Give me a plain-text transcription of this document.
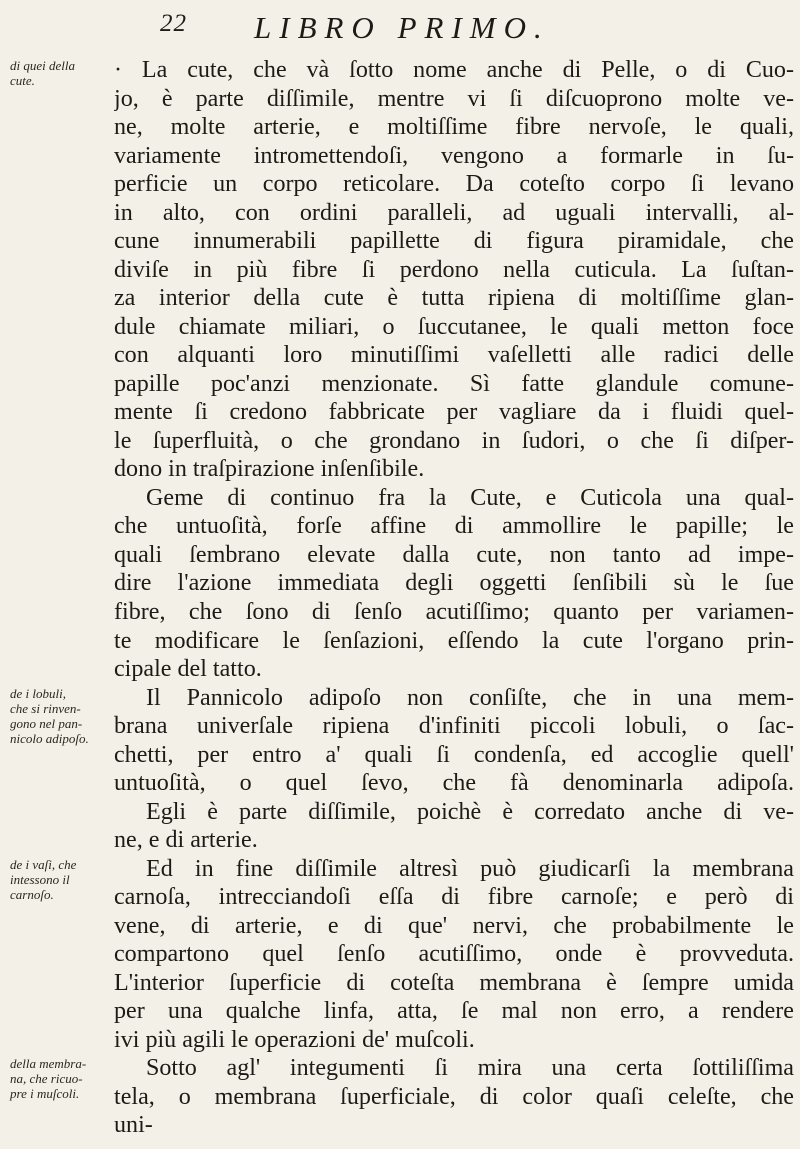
22 LIBRO PRIMO.
di quei della
cute.
de i lobuli,
che si rinven-
gono nel pan-
nicolo adipoſo.
de i vaſi, che
intessono il
carnoſo.
della membra-
na, che ricuo-
pre i muſcoli.
· La cute, che và ſotto nome anche di Pelle, o di Cuo-
jo, è parte diſſimile, mentre vi ſi diſcuoprono molte ve-
ne, molte arterie, e moltiſſime fibre nervoſe, le quali,
variamente intromettendoſi, vengono a formarle in ſu-
perficie un corpo reticolare. Da coteſto corpo ſi levano
in alto, con ordini paralleli, ad uguali intervalli, al-
cune innumerabili papillette di figura piramidale, che
diviſe in più fibre ſi perdono nella cuticula. La ſuſtan-
za interior della cute è tutta ripiena di moltiſſime glan-
dule chiamate miliari, o ſuccutanee, le quali metton foce
con alquanti loro minutiſſimi vaſelletti alle radici delle
papille poc'anzi menzionate. Sì fatte glandule comune-
mente ſi credono fabbricate per vagliare da i fluidi quel-
le ſuperfluità, o che grondano in ſudori, o che ſi diſper-
dono in traſpirazione inſenſibile.
Geme di continuo fra la Cute, e Cuticola una qual-
che untuoſità, forſe affine di ammollire le papille; le
quali ſembrano elevate dalla cute, non tanto ad impe-
dire l'azione immediata degli oggetti ſenſibili sù le ſue
fibre, che ſono di ſenſo acutiſſimo; quanto per variamen-
te modificare le ſenſazioni, eſſendo la cute l'organo prin-
cipale del tatto.
Il Pannicolo adipoſo non conſiſte, che in una mem-
brana univerſale ripiena d'infiniti piccoli lobuli, o ſac-
chetti, per entro a' quali ſi condenſa, ed accoglie quell'
untuoſità, o quel ſevo, che fà denominarla adipoſa.
Egli è parte diſſimile, poichè è corredato anche di ve-
ne, e di arterie.
Ed in fine diſſimile altresì può giudicarſi la membrana
carnoſa, intrecciandoſi eſſa di fibre carnoſe; e però di
vene, di arterie, e di que' nervi, che probabilmente le
compartono quel ſenſo acutiſſimo, onde è provveduta.
L'interior ſuperficie di coteſta membrana è ſempre umida
per una qualche linfa, atta, ſe mal non erro, a rendere
ivi più agili le operazioni de' muſcoli.
Sotto agl' integumenti ſi mira una certa ſottiliſſima
tela, o membrana ſuperficiale, di color quaſi celeſte, che
uni-
